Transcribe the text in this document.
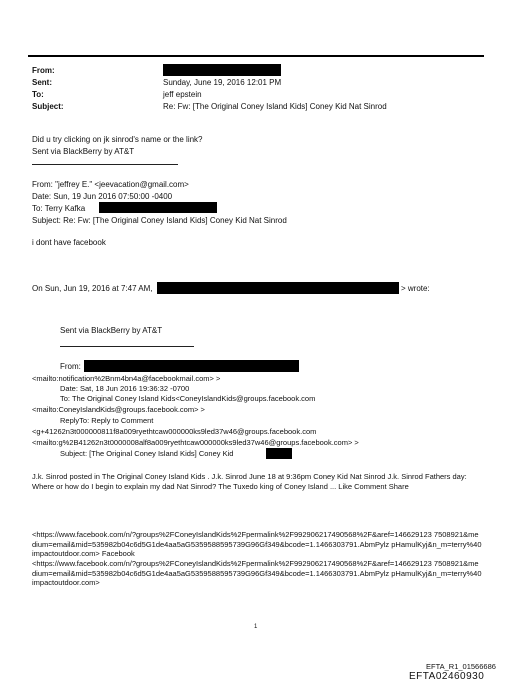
From:
Sent:	Sunday, June 19, 2016 12:01 PM
To:	jeff epstein
Subject:	Re: Fw: [The Original Coney Island Kids] Coney Kid Nat Sinrod
Did u try clicking on jk sinrod's name or the link?
Sent via BlackBerry by AT&T
From: "jeffrey E." <jeevacation@gmail.com>
Date: Sun, 19 Jun 2016 07:50:00 -0400
To: Terry Kafka
Subject: Re: Fw: [The Original Coney Island Kids] Coney Kid Nat Sinrod
i dont have facebook
On Sun, Jun 19, 2016 at 7:47 AM,	> wrote:
Sent via BlackBerry by AT&T
From:
<mailto:notification%2Bnm4bn4a@facebookmail.com> >
Date: Sat, 18 Jun 2016 19:36:32 -0700
To: The Original Coney Island Kids<ConeyIslandKids@groups.facebook.com
<mailto:ConeyIslandKids@groups.facebook.com> >
ReplyTo: Reply to Comment
<g+41262n3t000000811f8a009ryethtcaw000000ks9led37w46@groups.facebook.com
<mailto:g%2B41262n3t0000008alf8a009ryethtcaw000000ks9led37w46@groups.facebook.com> >
Subject: [The Original Coney Island Kids] Coney Kid
J.k. Sinrod posted in The Original Coney Island Kids . J.k. Sinrod June 18 at 9:36pm Coney Kid Nat Sinrod J.k. Sinrod Fathers day: Where or how do I begin to explain my dad Nat Sinrod? The Tuxedo king of Coney Island ... Like Comment Share
<https://www.facebook.com/n/?groups%2FConeyIslandKids%2Fpermalink%2F992906217490568%2F&aref=146629123 7508921&medium=email&mid=535982b04c6d5G1de4aa5aG5359588595739G96Gf349&bcode=1.1466303791.AbmPylz pHamulKyj&n_m=terry%40impactoutdoor.com> Facebook
<https://www.facebook.com/n/?groups%2FConeyIslandKids%2Fpermalink%2F992906217490568%2F&aref=146629123 7508921&medium=email&mid=535982b04c6d5G1de4aa5aG5359588595739G96Gf349&bcode=1.1466303791.AbmPylz pHamulKyj&n_m=terry%40impactoutdoor.com>
1
EFTA_R1_01566686
EFTA02460930
